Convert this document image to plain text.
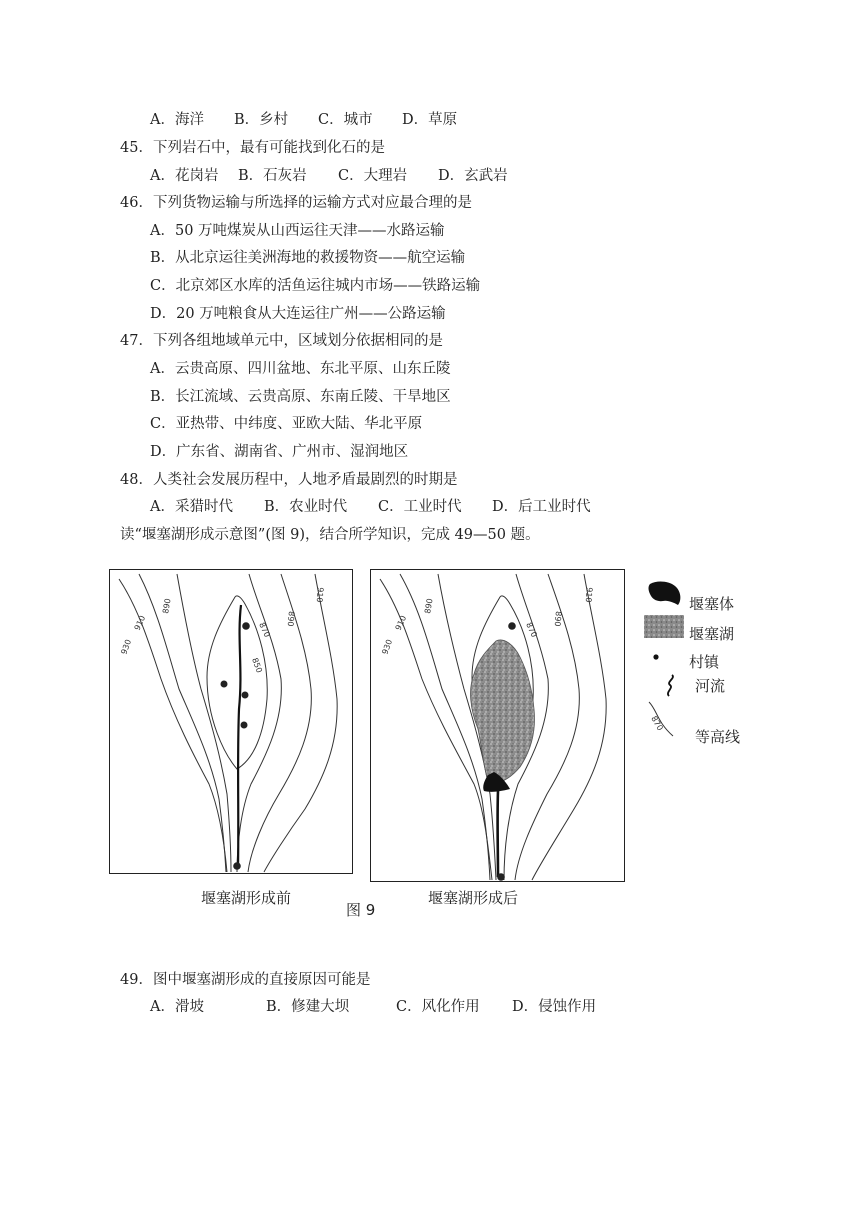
A．海洋 B．乡村 C．城市 D．草原
45．下列岩石中，最有可能找到化石的是
A．花岗岩 B．石灰岩 C．大理岩 D．玄武岩
46．下列货物运输与所选择的运输方式对应最合理的是
A．50 万吨煤炭从山西运往天津——水路运输
B．从北京运往美洲海地的救援物资——航空运输
C．北京郊区水库的活鱼运往城内市场——铁路运输
D．20 万吨粮食从大连运往广州——公路运输
47．下列各组地域单元中，区域划分依据相同的是
A．云贵高原、四川盆地、东北平原、山东丘陵
B．长江流域、云贵高原、东南丘陵、干旱地区
C．亚热带、中纬度、亚欧大陆、华北平原
D．广东省、湖南省、广州市、湿润地区
48．人类社会发展历程中，人地矛盾最剧烈的时期是
A．采猎时代 B．农业时代 C．工业时代 D．后工业时代
读“堰塞湖形成示意图”(图 9)，结合所学知识，完成 49—50 题。
910
890
870
890
910
930
850
910
890
870
890
910
930
堰塞体
堰塞湖
村镇
河流
870
等高线
堰塞湖形成前
图 9
堰塞湖形成后
49．图中堰塞湖形成的直接原因可能是
A．滑坡	B．修建大坝	C．风化作用 D．侵蚀作用
